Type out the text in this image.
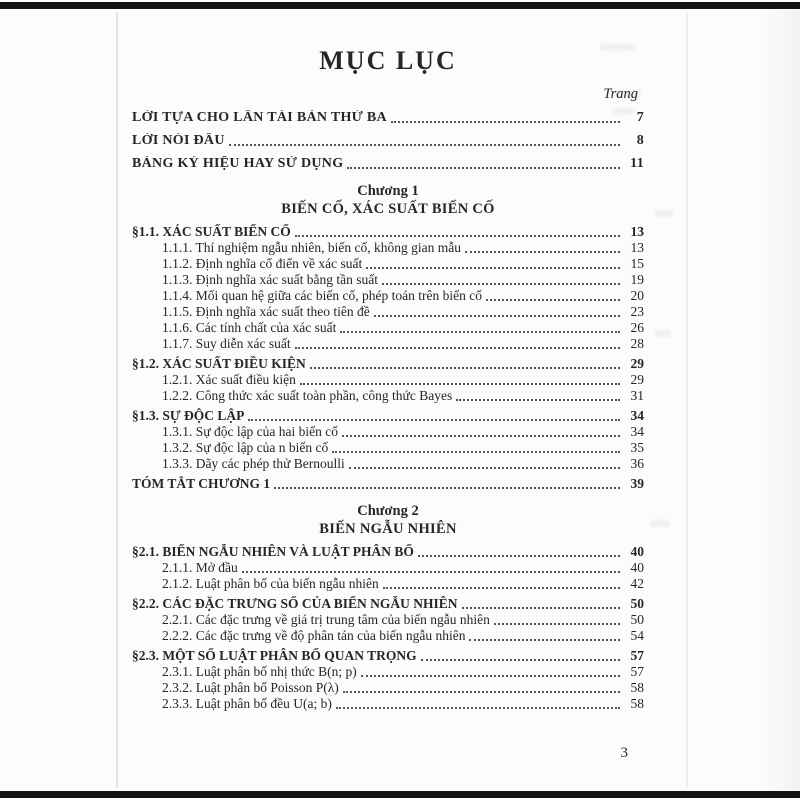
MỤC LỤC
Trang
LỜI TỰA CHO LẦN TÁI BẢN THỨ BA	7
LỜI NÓI ĐẦU	8
BẢNG KÝ HIỆU HAY SỬ DỤNG	11
Chương 1
BIẾN CỐ, XÁC SUẤT BIẾN CỐ
§1.1. XÁC SUẤT BIẾN CỐ	13
1.1.1. Thí nghiệm ngẫu nhiên, biến cố, không gian mẫu	13
1.1.2. Định nghĩa cổ điển về xác suất	15
1.1.3. Định nghĩa xác suất bằng tần suất	19
1.1.4. Mối quan hệ giữa các biến cố, phép toán trên biến cố	20
1.1.5. Định nghĩa xác suất theo tiên đề	23
1.1.6. Các tính chất của xác suất	26
1.1.7. Suy diễn xác suất	28
§1.2. XÁC SUẤT ĐIỀU KIỆN	29
1.2.1. Xác suất điều kiện	29
1.2.2. Công thức xác suất toàn phần, công thức Bayes	31
§1.3. SỰ ĐỘC LẬP	34
1.3.1. Sự độc lập của hai biến cố	34
1.3.2. Sự độc lập của n biến cố	35
1.3.3. Dãy các phép thử Bernoulli	36
TÓM TẮT CHƯƠNG 1	39
Chương 2
BIẾN NGẪU NHIÊN
§2.1. BIẾN NGẪU NHIÊN VÀ LUẬT PHÂN BỐ	40
2.1.1. Mở đầu	40
2.1.2. Luật phân bố của biến ngẫu nhiên	42
§2.2. CÁC ĐẶC TRƯNG SỐ CỦA BIẾN NGẪU NHIÊN	50
2.2.1. Các đặc trưng về giá trị trung tâm của biến ngẫu nhiên	50
2.2.2. Các đặc trưng về độ phân tán của biến ngẫu nhiên	54
§2.3. MỘT SỐ LUẬT PHÂN BỐ QUAN TRỌNG	57
2.3.1. Luật phân bố nhị thức B(n; p)	57
2.3.2. Luật phân bố Poisson P(λ)	58
2.3.3. Luật phân bố đều U(a; b)	58
3
